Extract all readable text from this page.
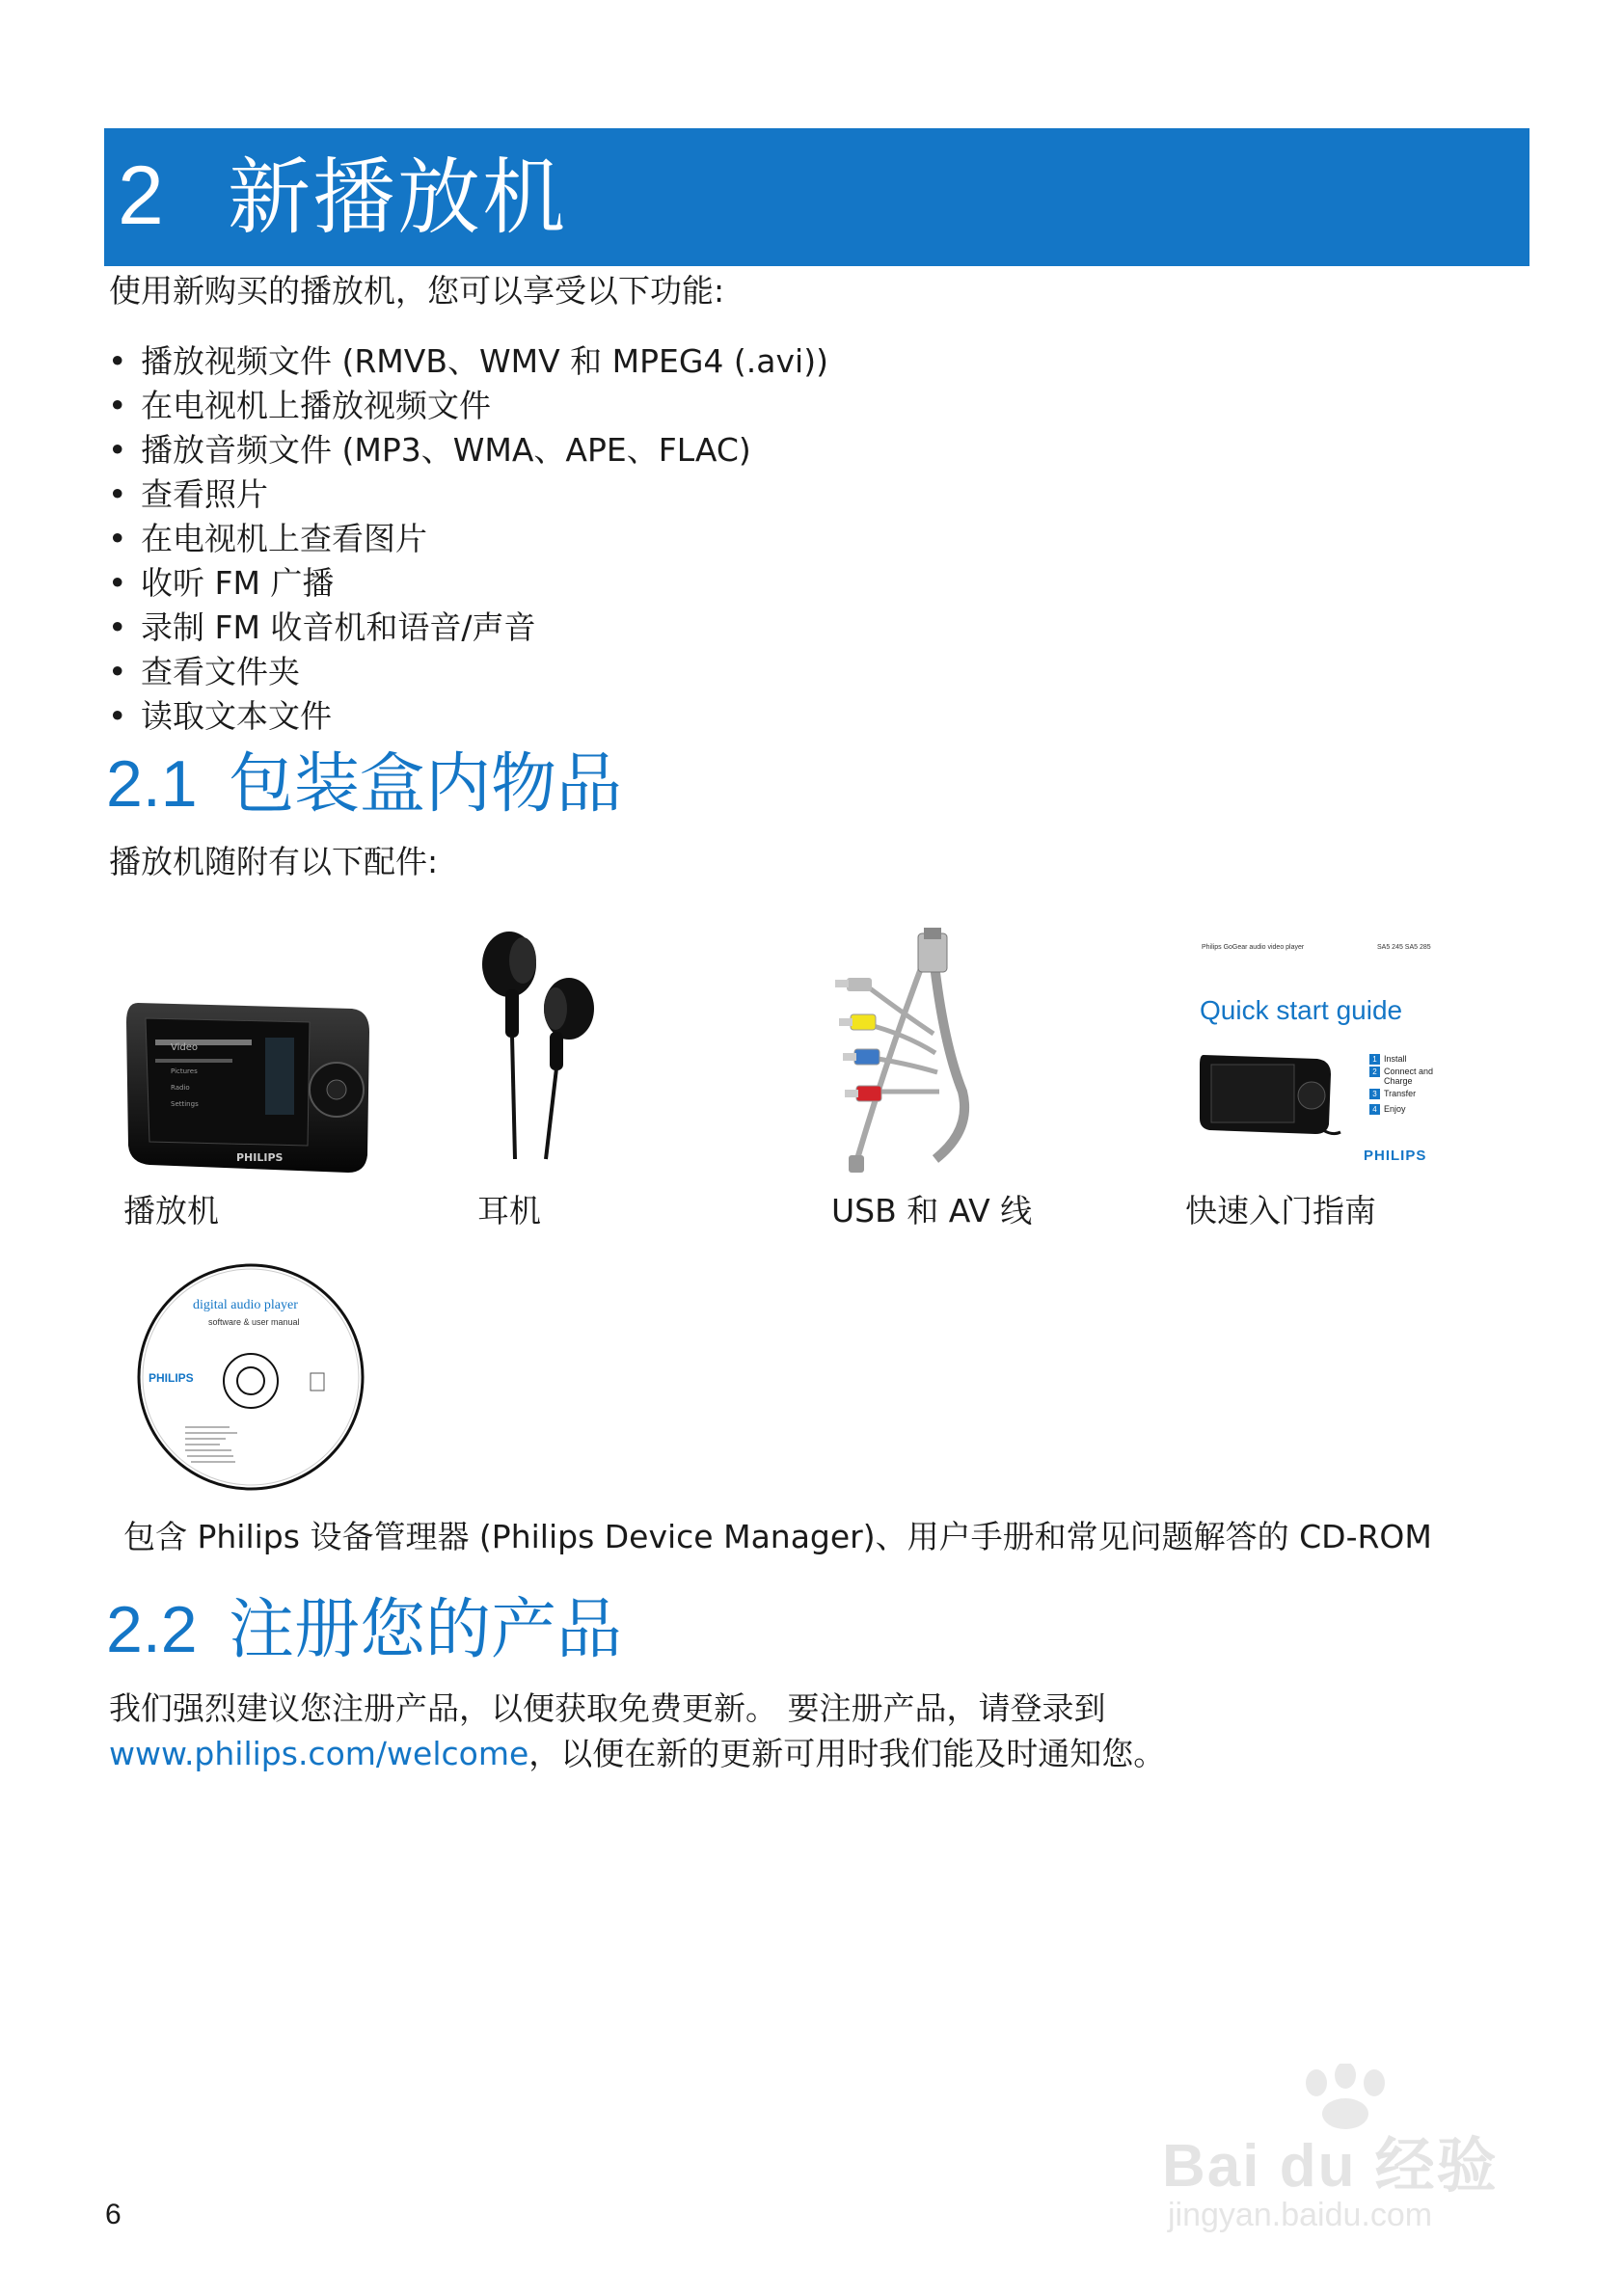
2 新播放机
使用新购买的播放机，您可以享受以下功能:
• 播放视频文件 (RMVB、WMV 和 MPEG4 (.avi))
• 在电视机上播放视频文件
• 播放音频文件 (MP3、WMA、APE、FLAC)
• 查看照片
• 在电视机上查看图片
• 收听 FM 广播
• 录制 FM 收音机和语音/声音
• 查看文件夹
• 读取文本文件
2.1 包装盒内物品
播放机随附有以下配件:
Video
Pictures
Radio
Settings
PHILIPS
播放机	耳机	USB 和 AV 线
Philips GoGear audio video player	SA5 245 SA5 285
Quick start guide
1 Install
2 Connect and Charge
3 Transfer
4 Enjoy
PHILIPS
快速入门指南
digital audio player
software & user manual
PHILIPS
包含 Philips 设备管理器 (Philips Device Manager)、用户手册和常见问题解答的 CD-ROM
2.2 注册您的产品
我们强烈建议您注册产品，以便获取免费更新。 要注册产品，请登录到
www.philips.com/welcome，以便在新的更新可用时我们能及时通知您。
6
Bai du 经验
jingyan.baidu.com
